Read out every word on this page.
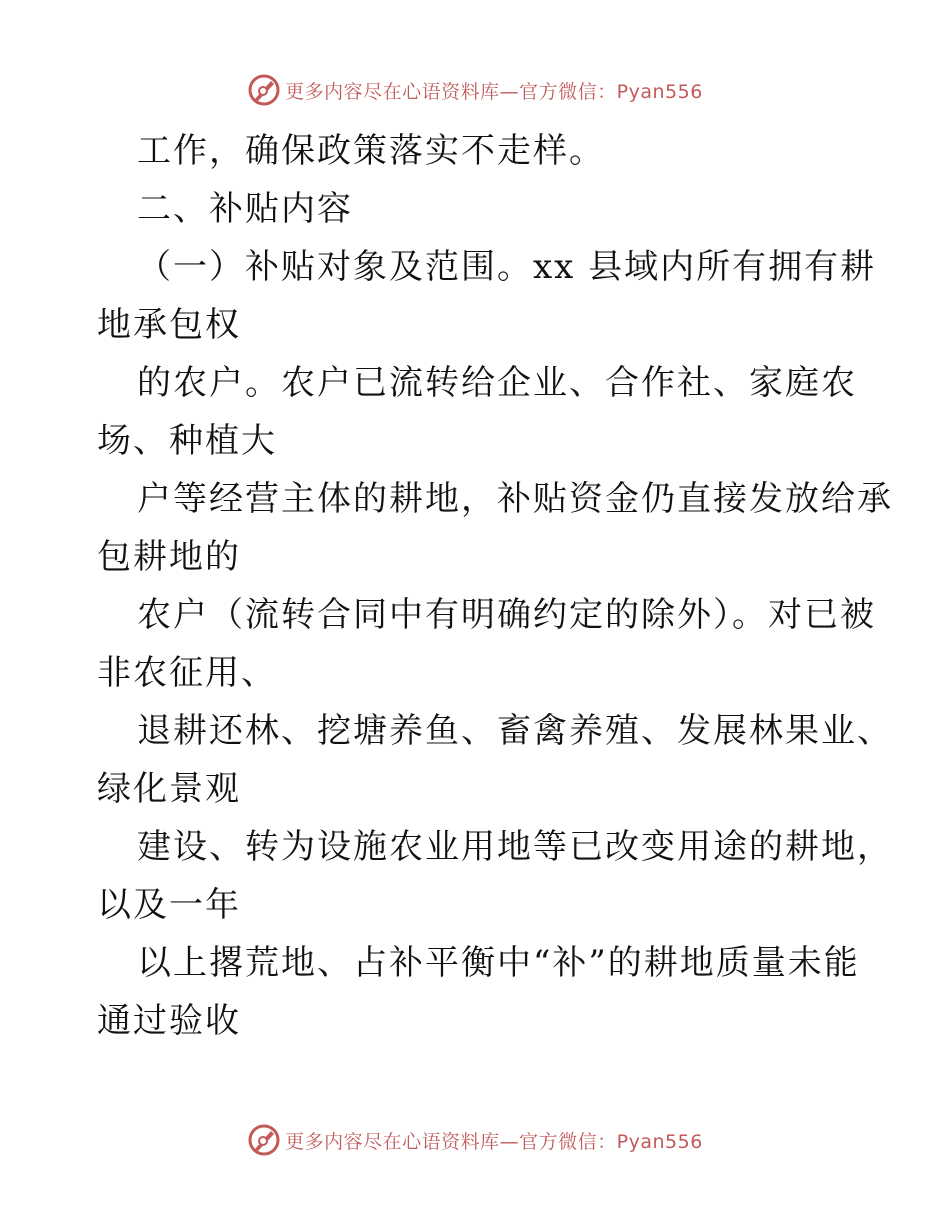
更多内容尽在心语资料库—官方微信：Pyan556
工作，确保政策落实不走样。
二、补贴内容
（一）补贴对象及范围。xx 县域内所有拥有耕
地承包权
的农户。农户已流转给企业、合作社、家庭农
场、种植大
户等经营主体的耕地，补贴资金仍直接发放给承
包耕地的
农户（流转合同中有明确约定的除外）。对已被
非农征用、
退耕还林、挖塘养鱼、畜禽养殖、发展林果业、
绿化景观
建设、转为设施农业用地等已改变用途的耕地，
以及一年
以上撂荒地、占补平衡中“补”的耕地质量未能
通过验收
更多内容尽在心语资料库—官方微信：Pyan556
